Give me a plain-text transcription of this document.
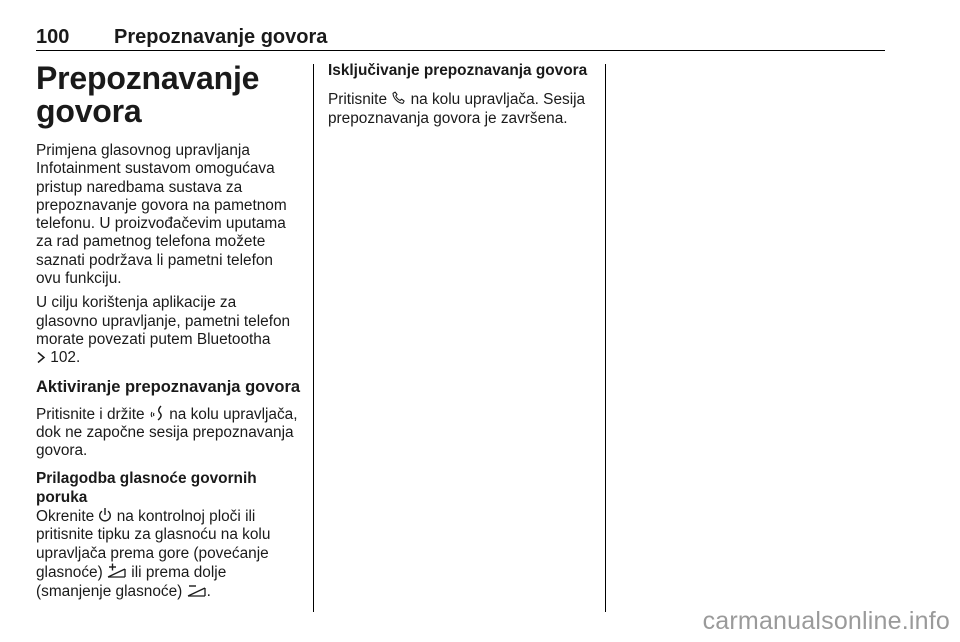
100 Prepoznavanje govora
Prepoznavanje
govora

Primjena glasovnog upravljanja Infotainment sustavom omogućava pristup naredbama sustava za prepoznavanje govora na pametnom telefonu. U proizvođačevim uputama za rad pametnog telefona možete saznati podržava li pametni telefon ovu funkciju.

U cilju korištenja aplikacije za glasovno upravljanje, pametni telefon morate povezati putem Bluetootha
102.

Aktiviranje prepoznavanja govora

Pritisnite i držite na kolu upravljača, dok ne započne sesija prepoznavanja govora.

Prilagodba glasnoće govornih poruka

Okrenite na kontrolnoj ploči ili pritisnite tipku za glasnoću na kolu upravljača prema gore (povećanje glasnoće) ili prema dolje (smanjenje glasnoće) .

Isključivanje prepoznavanja govora

Pritisnite na kolu upravljača. Sesija prepoznavanja govora je završena.

carmanualsonline.info
